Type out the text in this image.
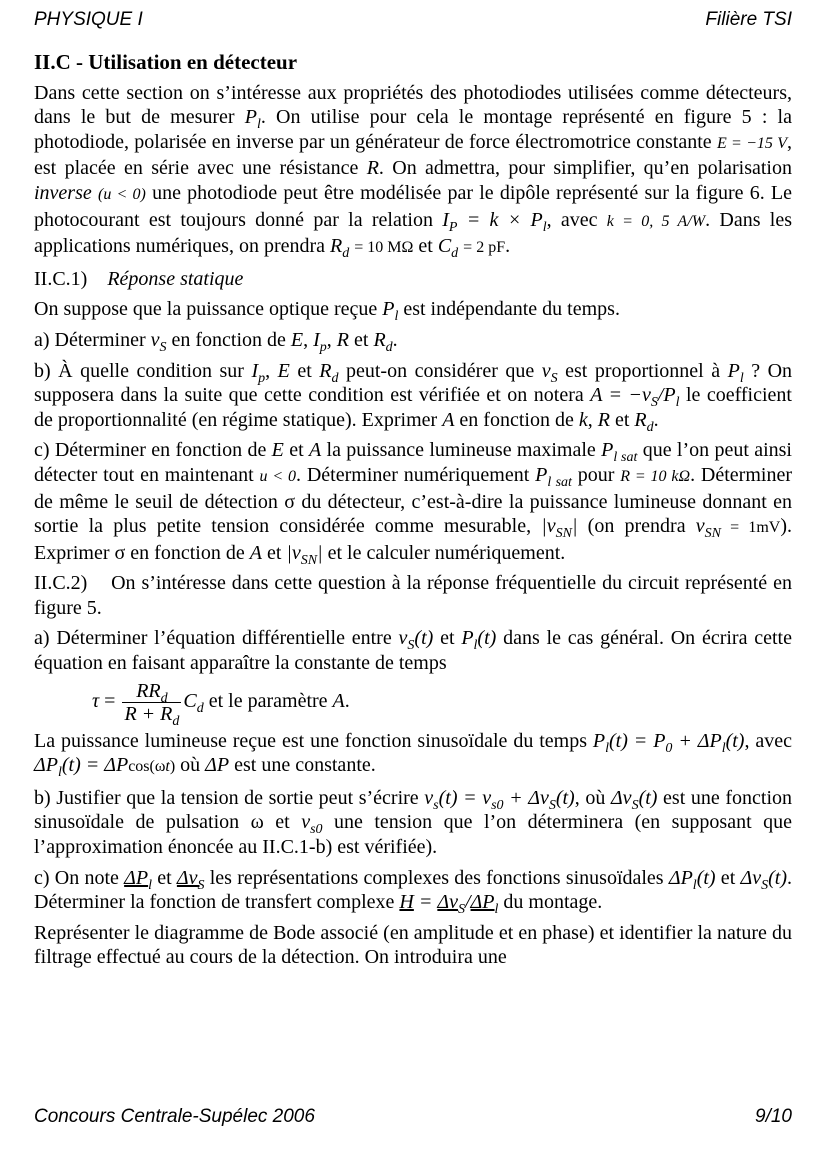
PHYSIQUE I	Filière TSI

II.C - Utilisation en détecteur

Dans cette section on s’intéresse aux propriétés des photodiodes utilisées comme détecteurs, dans le but de mesurer $P_l$. On utilise pour cela le montage représenté en figure 5 : la photodiode, polarisée en inverse par un générateur de force électromotrice constante E = −15 V, est placée en série avec une résistance R. On admettra, pour simplifier, qu’en polarisation inverse (u < 0) une photodiode peut être modélisée par le dipôle représenté sur la figure 6. Le photocourant est toujours donné par la relation $I_P = k \times P_l$, avec k = 0, 5 A/W. Dans les applications numériques, on prendra $R_d = 10$ MΩ et $C_d = 2$ pF.

II.C.1) Réponse statique

On suppose que la puissance optique reçue $P_l$ est indépendante du temps.

a) Déterminer $v_S$ en fonction de E, $I_p$, R et $R_d$.

b) À quelle condition sur $I_p$, E et $R_d$ peut-on considérer que $v_S$ est proportionnel à $P_l$ ? On supposera dans la suite que cette condition est vérifiée et on notera $A = -v_S/P_l$ le coefficient de proportionnalité (en régime statique). Exprimer A en fonction de k, R et $R_d$.

c) Déterminer en fonction de E et A la puissance lumineuse maximale $P_{l sat}$ que l’on peut ainsi détecter tout en maintenant u < 0. Déterminer numériquement $P_{l sat}$ pour R = 10 kΩ. Déterminer de même le seuil de détection σ du détecteur, c’est-à-dire la puissance lumineuse donnant en sortie la plus petite tension considérée comme mesurable, $|v_{SN}|$ (on prendra $v_{SN} = 1mV$). Exprimer σ en fonction de A et $|v_{SN}|$ et le calculer numériquement.

II.C.2) On s’intéresse dans cette question à la réponse fréquentielle du circuit représenté en figure 5.

a) Déterminer l’équation différentielle entre $v_S(t)$ et $P_l(t)$ dans le cas général. On écrira cette équation en faisant apparaître la constante de temps

$\tau = \frac{RR_d}{R + R_d} C_d$ et le paramètre A.

La puissance lumineuse reçue est une fonction sinusoïdale du temps $P_l(t) = P_0 + \Delta P_l(t)$, avec $\Delta P_l(t) = \Delta Pcos(\omega t)$ où ΔP est une constante.

b) Justifier que la tension de sortie peut s’écrire $v_s(t) = v_{s0} + \Delta v_S(t)$, où $\Delta v_S(t)$ est une fonction sinusoïdale de pulsation ω et $v_{s0}$ une tension que l’on déterminera (en supposant que l’approximation énoncée au II.C.1-b) est vérifiée).

c) On note $\Delta P_l$ et $\Delta v_S$ les représentations complexes des fonctions sinusoïdales $\Delta P_l(t)$ et $\Delta v_S(t)$. Déterminer la fonction de transfert complexe $H = \Delta v_S/\Delta P_l$ du montage.

Représenter le diagramme de Bode associé (en amplitude et en phase) et identifier la nature du filtrage effectué au cours de la détection. On introduira une

Concours Centrale-Supélec 2006	9/10
